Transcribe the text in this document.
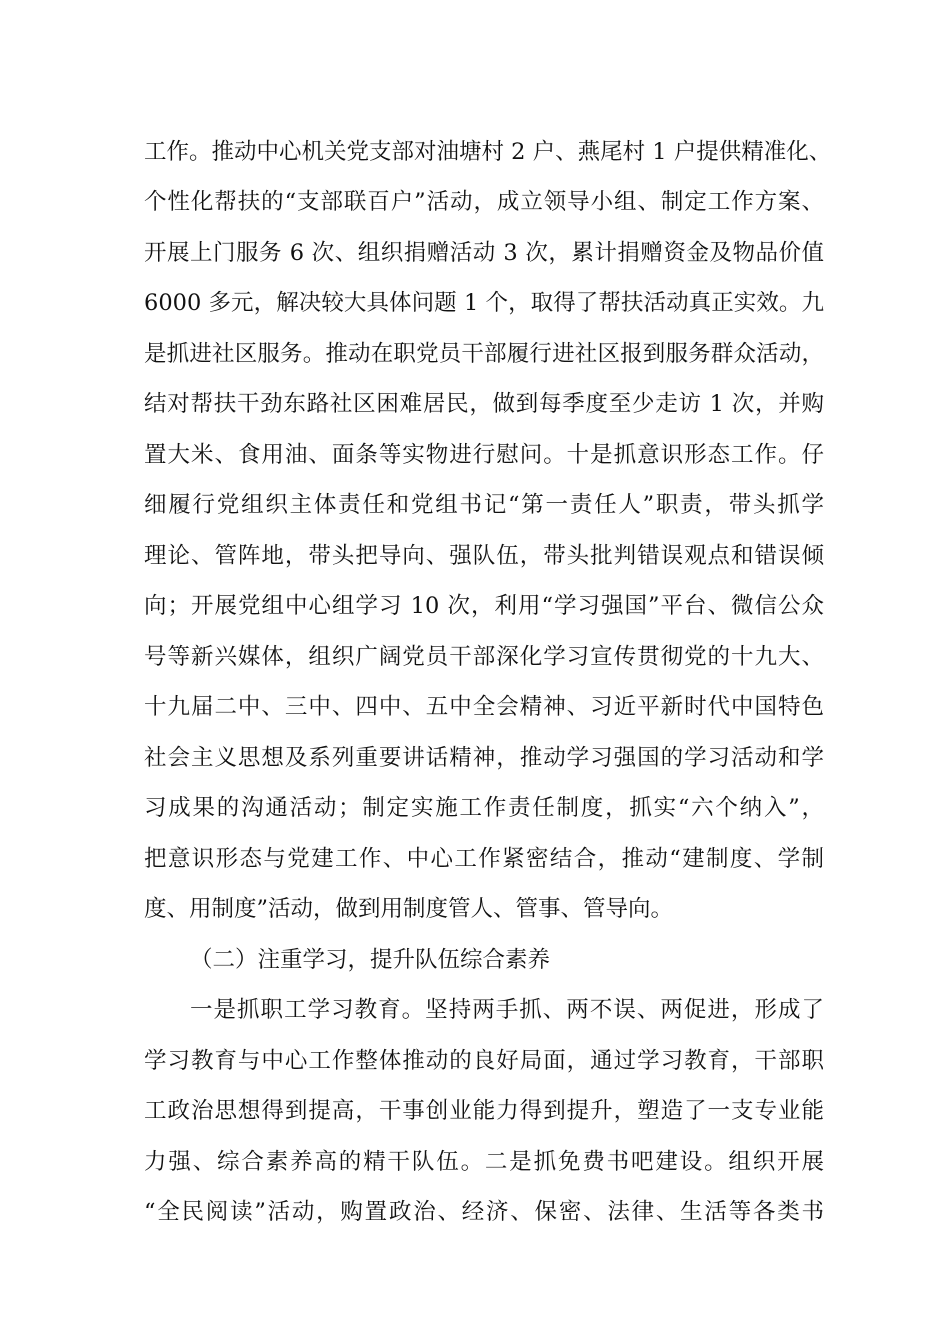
工作。推动中心机关党支部对油塘村 2 户、燕尾村 1 户提供精准化、
个性化帮扶的“支部联百户”活动，成立领导小组、制定工作方案、
开展上门服务 6 次、组织捐赠活动 3 次，累计捐赠资金及物品价值
6000 多元，解决较大具体问题 1 个，取得了帮扶活动真正实效。九
是抓进社区服务。推动在职党员干部履行进社区报到服务群众活动，
结对帮扶干劲东路社区困难居民，做到每季度至少走访 1 次，并购
置大米、食用油、面条等实物进行慰问。十是抓意识形态工作。仔
细履行党组织主体责任和党组书记“第一责任人”职责，带头抓学
理论、管阵地，带头把导向、强队伍，带头批判错误观点和错误倾
向；开展党组中心组学习 10 次，利用“学习强国”平台、微信公众
号等新兴媒体，组织广阔党员干部深化学习宣传贯彻党的十九大、
十九届二中、三中、四中、五中全会精神、习近平新时代中国特色
社会主义思想及系列重要讲话精神，推动学习强国的学习活动和学
习成果的沟通活动；制定实施工作责任制度，抓实“六个纳入”，
把意识形态与党建工作、中心工作紧密结合，推动“建制度、学制
度、用制度”活动，做到用制度管人、管事、管导向。
（二）注重学习，提升队伍综合素养
一是抓职工学习教育。坚持两手抓、两不误、两促进，形成了
学习教育与中心工作整体推动的良好局面，通过学习教育，干部职
工政治思想得到提高，干事创业能力得到提升，塑造了一支专业能
力强、综合素养高的精干队伍。二是抓免费书吧建设。组织开展
“全民阅读”活动，购置政治、经济、保密、法律、生活等各类书
